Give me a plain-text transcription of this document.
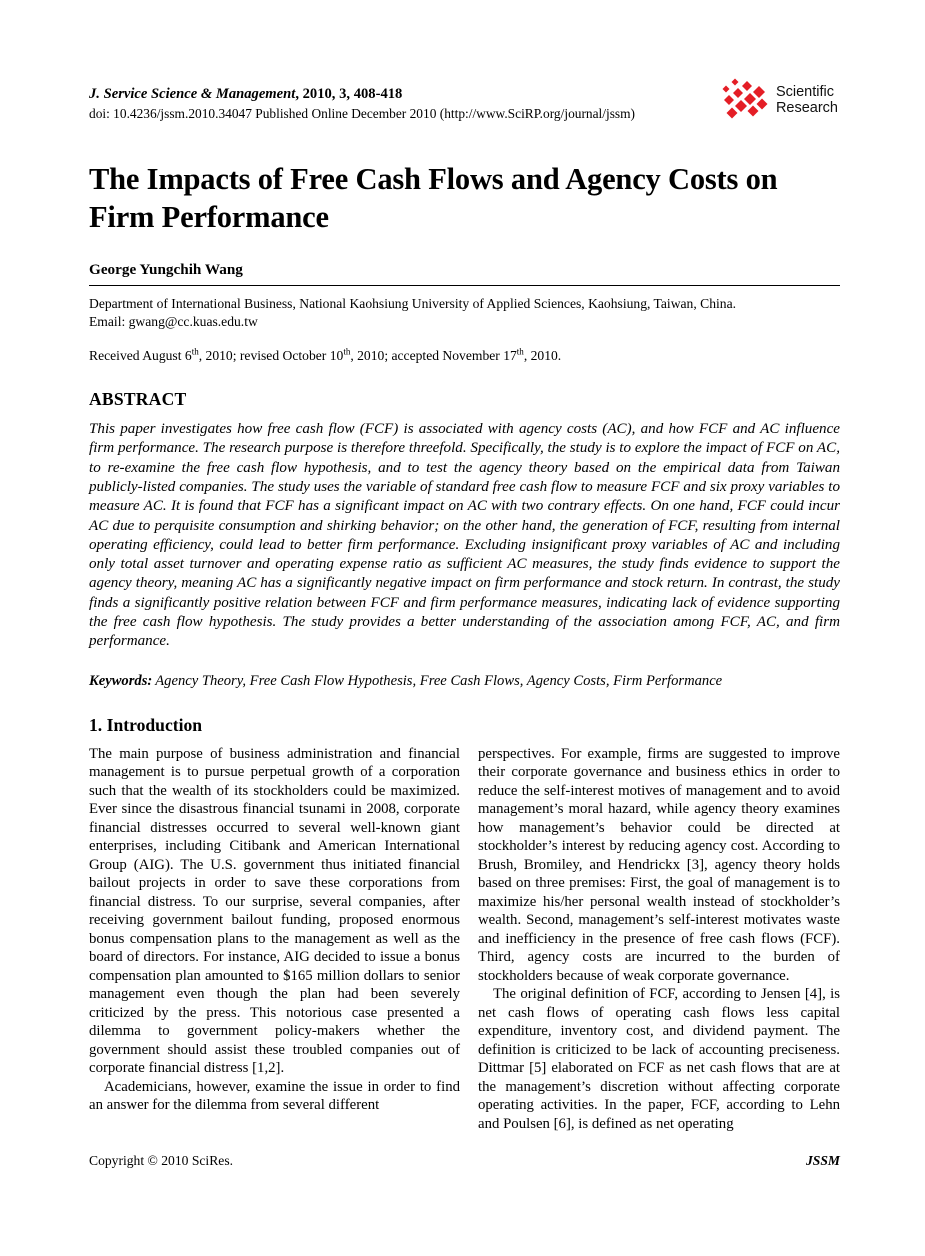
J. Service Science & Management, 2010, 3, 408-418
doi: 10.4236/jssm.2010.34047 Published Online December 2010 (http://www.SciRP.org/journal/jssm)
Scientific
Research
The Impacts of Free Cash Flows and Agency Costs on Firm Performance
George Yungchih Wang
Department of International Business, National Kaohsiung University of Applied Sciences, Kaohsiung, Taiwan, China.
Email: gwang@cc.kuas.edu.tw
Received August 6th, 2010; revised October 10th, 2010; accepted November 17th, 2010.
ABSTRACT
This paper investigates how free cash flow (FCF) is associated with agency costs (AC), and how FCF and AC influence firm performance. The research purpose is therefore threefold. Specifically, the study is to explore the impact of FCF on AC, to re-examine the free cash flow hypothesis, and to test the agency theory based on the empirical data from Taiwan publicly-listed companies. The study uses the variable of standard free cash flow to measure FCF and six proxy variables to measure AC. It is found that FCF has a significant impact on AC with two contrary effects. On one hand, FCF could incur AC due to perquisite consumption and shirking behavior; on the other hand, the generation of FCF, resulting from internal operating efficiency, could lead to better firm performance. Excluding insignificant proxy variables of AC and including only total asset turnover and operating expense ratio as sufficient AC measures, the study finds evidence to support the agency theory, meaning AC has a significantly negative impact on firm performance and stock return. In contrast, the study finds a significantly positive relation between FCF and firm performance measures, indicating lack of evidence supporting the free cash flow hypothesis. The study provides a better understanding of the association among FCF, AC, and firm performance.
Keywords: Agency Theory, Free Cash Flow Hypothesis, Free Cash Flows, Agency Costs, Firm Performance
1. Introduction

The main purpose of business administration and financial management is to pursue perpetual growth of a corporation such that the wealth of its stockholders could be maximized. Ever since the disastrous financial tsunami in 2008, corporate financial distresses occurred to several well-known giant enterprises, including Citibank and American International Group (AIG). The U.S. government thus initiated financial bailout projects in order to save these corporations from financial distress. To our surprise, several companies, after receiving government bailout funding, proposed enormous bonus compensation plans to the management as well as the board of directors. For instance, AIG decided to issue a bonus compensation plan amounted to $165 million dollars to senior management even though the plan had been severely criticized by the press. This notorious case presented a dilemma to government policy-makers whether the government should assist these troubled companies out of corporate financial distress [1,2].

Academicians, however, examine the issue in order to find an answer for the dilemma from several different

perspectives. For example, firms are suggested to improve their corporate governance and business ethics in order to reduce the self-interest motives of management and to avoid management’s moral hazard, while agency theory examines how management’s behavior could be directed at stockholder’s interest by reducing agency cost. According to Brush, Bromiley, and Hendrickx [3], agency theory holds based on three premises: First, the goal of management is to maximize his/her personal wealth instead of stockholder’s wealth. Second, management’s self-interest motivates waste and inefficiency in the presence of free cash flows (FCF). Third, agency costs are incurred to the burden of stockholders because of weak corporate governance.

The original definition of FCF, according to Jensen [4], is net cash flows of operating cash flows less capital expenditure, inventory cost, and dividend payment. The definition is criticized to be lack of accounting preciseness. Dittmar [5] elaborated on FCF as net cash flows that are at the management’s discretion without affecting corporate operating activities. In the paper, FCF, according to Lehn and Poulsen [6], is defined as net operating

Copyright © 2010 SciRes.	JSSM
